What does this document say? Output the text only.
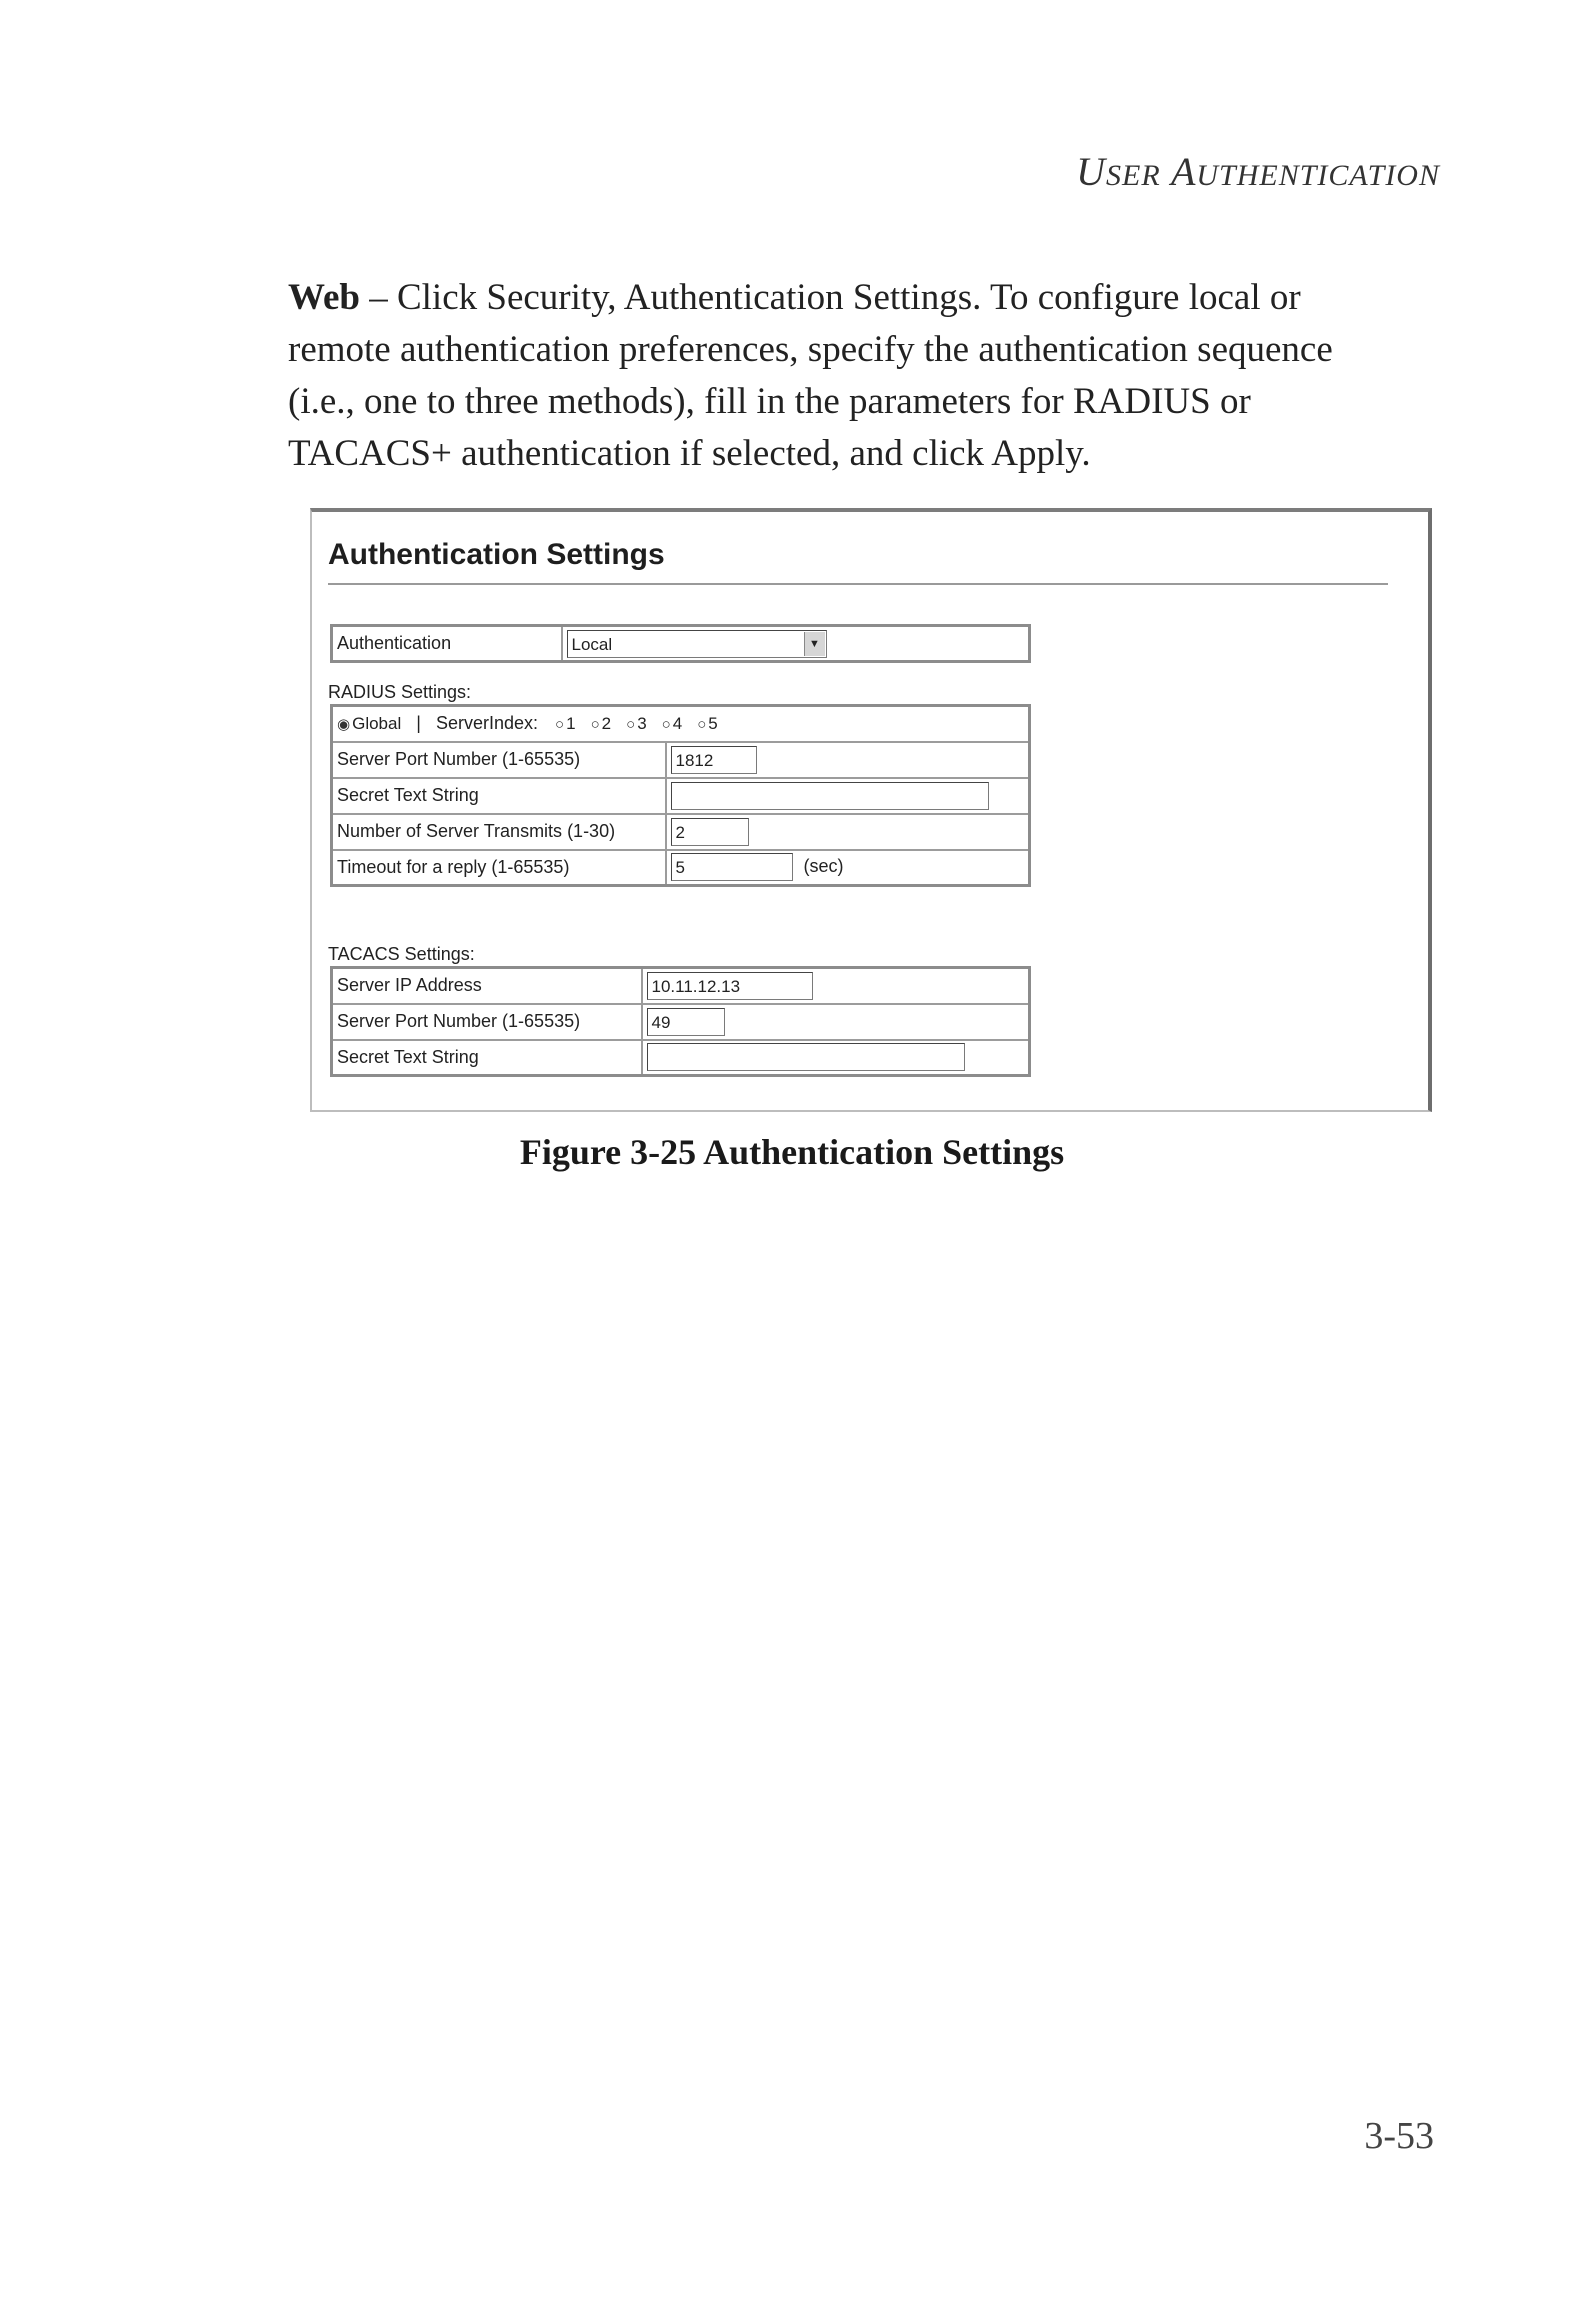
USER AUTHENTICATION
Web – Click Security, Authentication Settings. To configure local or remote authentication preferences, specify the authentication sequence (i.e., one to three methods), fill in the parameters for RADIUS or TACACS+ authentication if selected, and click Apply.
Authentication Settings
Authentication	Local	▼
RADIUS Settings:
◉ Global | ServerIndex: ○ 1 ○ 2 ○ 3 ○ 4 ○ 5	
Server Port Number (1-65535)	1812
Secret Text String	
Number of Server Transmits (1-30)	2
Timeout for a reply (1-65535)	5 (sec)
TACACS Settings:
Server IP Address	10.11.12.13
Server Port Number (1-65535)	49
Secret Text String	
Figure 3-25 Authentication Settings
3-53
